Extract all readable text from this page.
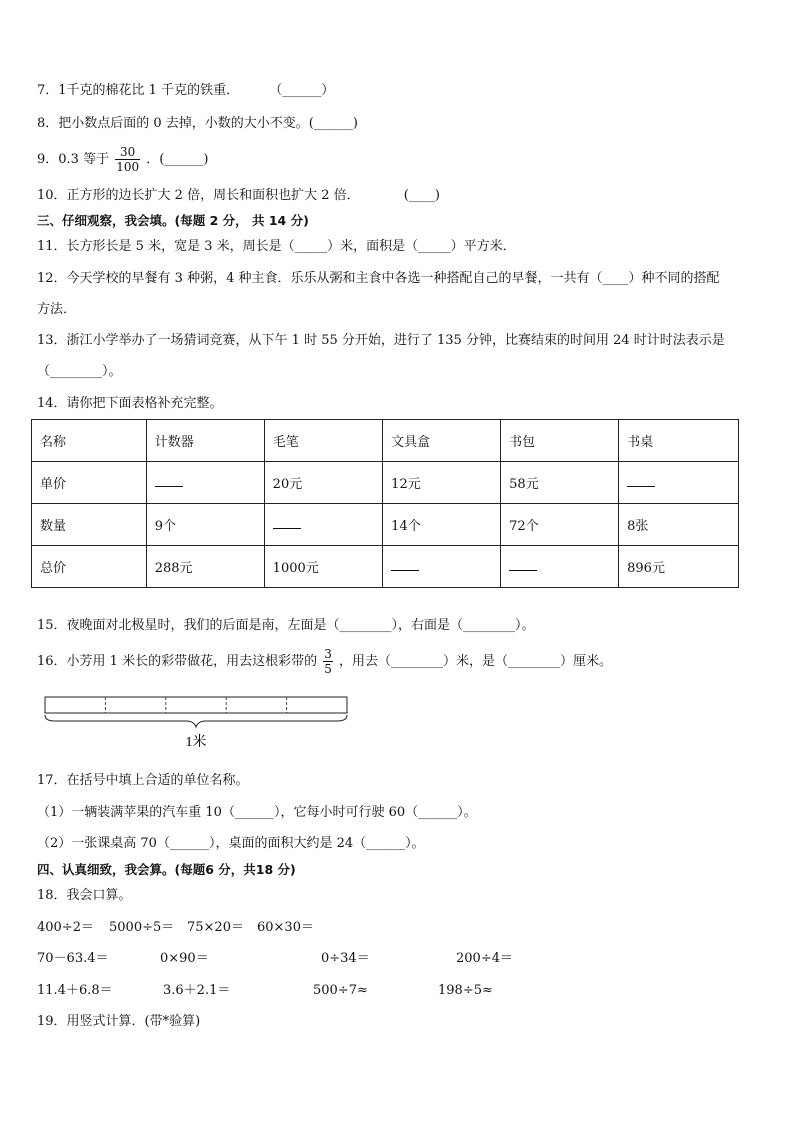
7．1千克的棉花比 1 千克的铁重． （______）
8．把小数点后面的 0 去掉，小数的大小不变。(______)
9．0.3 等于 $\frac{30}{100}$ ．(______)
10．正方形的边长扩大 2 倍，周长和面积也扩大 2 倍．	(____)
三、仔细观察，我会填。(每题 2 分， 共 14 分)
11．长方形长是 5 米，宽是 3 米，周长是（_____）米，面积是（_____）平方米．
12．今天学校的早餐有 3 种粥，4 种主食．乐乐从粥和主食中各选一种搭配自己的早餐，一共有（____）种不同的搭配
方法．
13．浙江小学举办了一场猜词竞赛，从下午 1 时 55 分开始，进行了 135 分钟，比赛结束的时间用 24 时计时法表示是
（________）。
14．请你把下面表格补充完整。
名称	计数器	毛笔	文具盒	书包	书桌
单价		20元	12元	58元	
数量	9个		14个	72个	8张
总价	288元	1000元			896元
15．夜晚面对北极星时，我们的后面是南，左面是（________），右面是（________）。
16．小芳用 1 米长的彩带做花，用去这根彩带的 $\frac{3}{5}$ ，用去（________）米，是（________）厘米。
1米
17．在括号中填上合适的单位名称。
（1）一辆装满苹果的汽车重 10（______），它每小时可行驶 60（______）。
（2）一张课桌高 70（______），桌面的面积大约是 24（______）。
四、认真细致，我会算。(每题6 分，共18 分)
18．我会口算。
400÷2＝ 5000÷5＝ 75×20＝ 60×30＝
70－63.4＝	0×90＝	0÷34＝	200÷4＝
11.4＋6.8＝	3.6＋2.1＝	500÷7≈	198÷5≈
19．用竖式计算．(带*验算)
